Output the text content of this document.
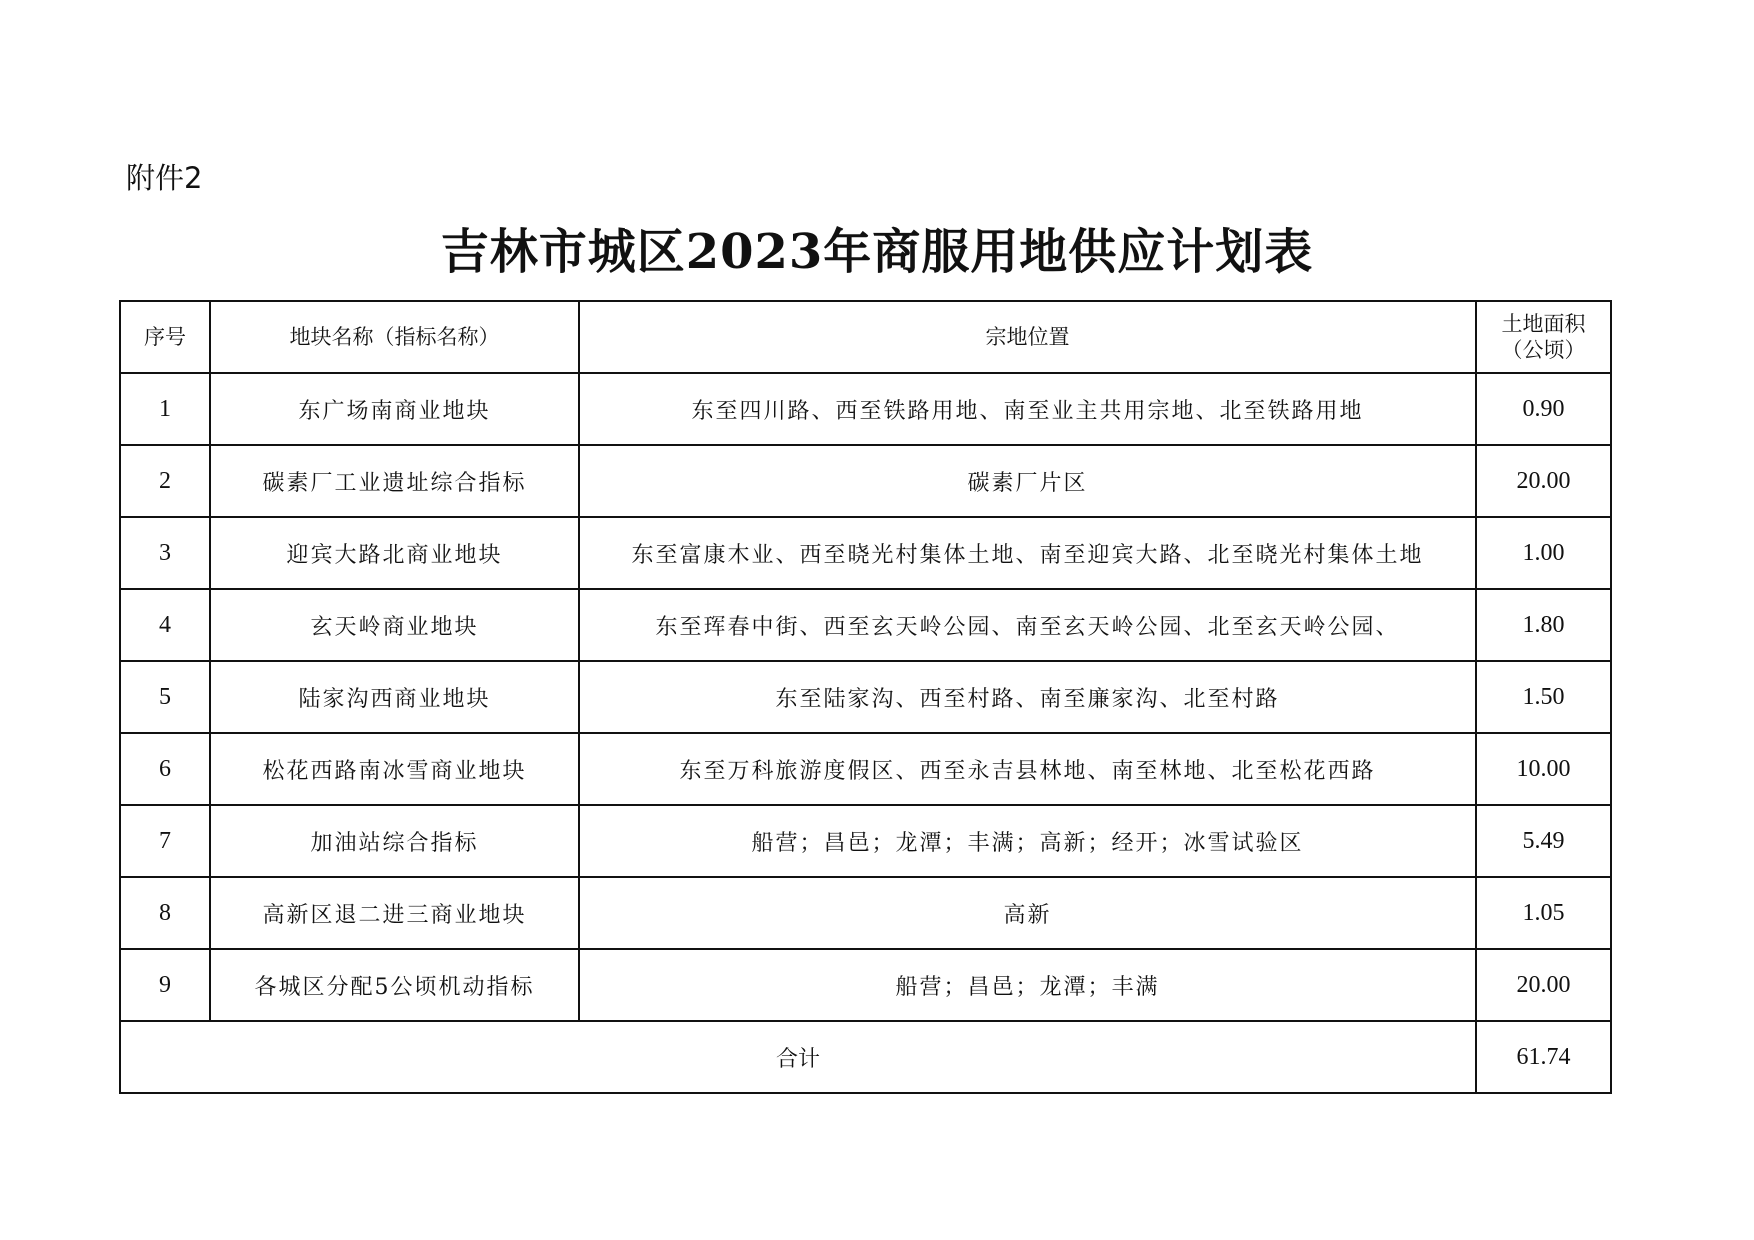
附件2
吉林市城区2023年商服用地供应计划表
序号	地块名称（指标名称）	宗地位置	土地面积
（公顷）

1	东广场南商业地块	东至四川路、西至铁路用地、南至业主共用宗地、北至铁路用地	0.90
2	碳素厂工业遗址综合指标	碳素厂片区	20.00
3	迎宾大路北商业地块	东至富康木业、西至晓光村集体土地、南至迎宾大路、北至晓光村集体土地	1.00
4	玄天岭商业地块	东至珲春中街、西至玄天岭公园、南至玄天岭公园、北至玄天岭公园、	1.80
5	陆家沟西商业地块	东至陆家沟、西至村路、南至廉家沟、北至村路	1.50
6	松花西路南冰雪商业地块	东至万科旅游度假区、西至永吉县林地、南至林地、北至松花西路	10.00
7	加油站综合指标	船营；昌邑；龙潭；丰满；高新；经开；冰雪试验区	5.49
8	高新区退二进三商业地块	高新	1.05
9	各城区分配5公顷机动指标	船营；昌邑；龙潭；丰满	20.00
合计			61.74
